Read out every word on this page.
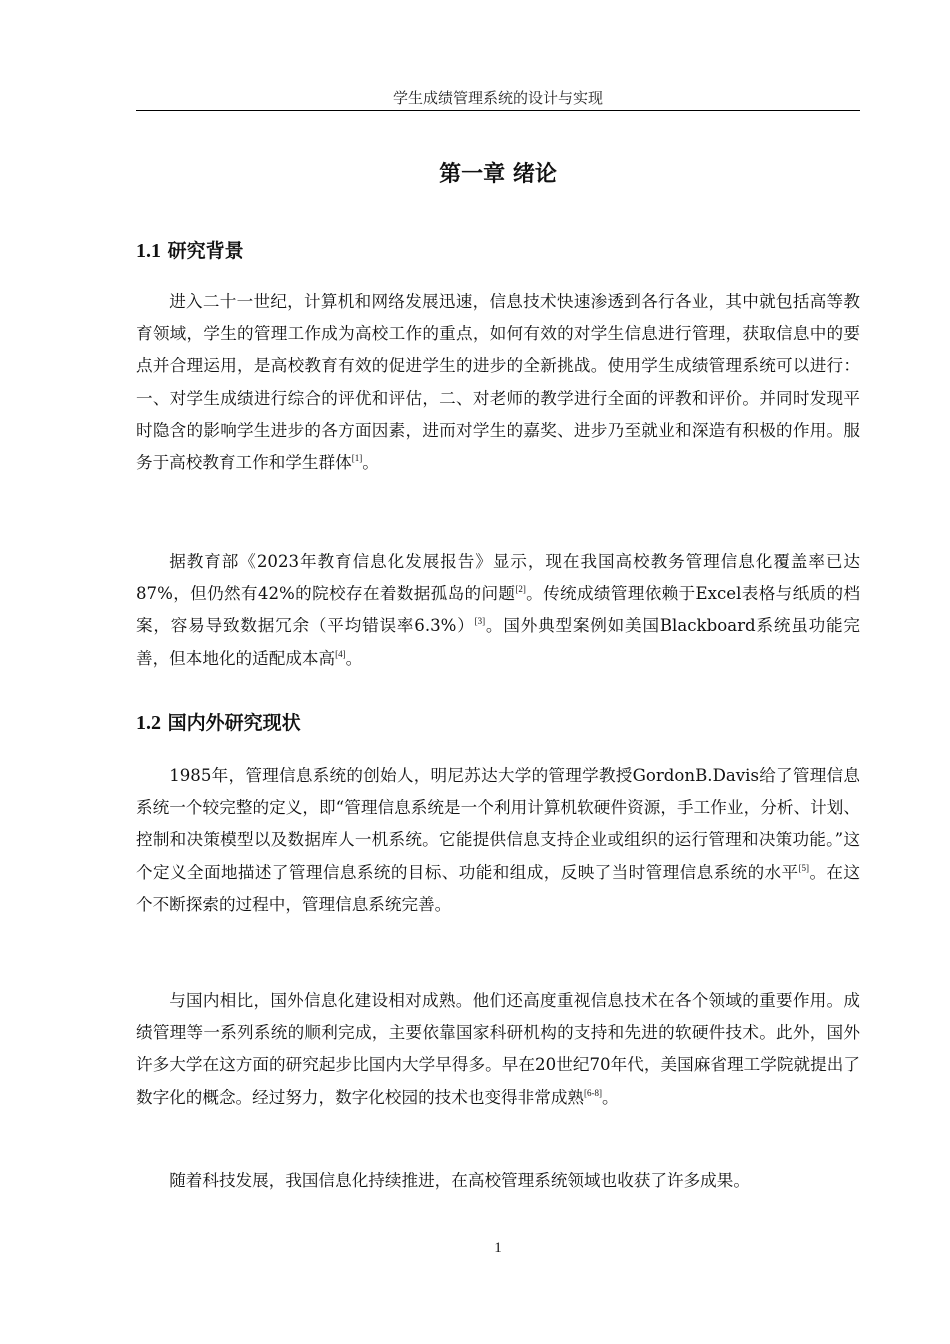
学生成绩管理系统的设计与实现
第一章 绪论
1.1 研究背景

进入二十一世纪，计算机和网络发展迅速，信息技术快速渗透到各行各业，其中就包括高等教育领域，学生的管理工作成为高校工作的重点，如何有效的对学生信息进行管理，获取信息中的要点并合理运用，是高校教育有效的促进学生的进步的全新挑战。使用学生成绩管理系统可以进行：一、对学生成绩进行综合的评优和评估，二、对老师的教学进行全面的评教和评价。并同时发现平时隐含的影响学生进步的各方面因素，进而对学生的嘉奖、进步乃至就业和深造有积极的作用。服务于高校教育工作和学生群体[1]。

据教育部《2023年教育信息化发展报告》显示，现在我国高校教务管理信息化覆盖率已达87%，但仍然有42%的院校存在着数据孤岛的问题[2]。传统成绩管理依赖于Excel表格与纸质的档案，容易导致数据冗余（平均错误率6.3%）[3]。国外典型案例如美国Blackboard系统虽功能完善，但本地化的适配成本高[4]。

1.2 国内外研究现状

1985年，管理信息系统的创始人，明尼苏达大学的管理学教授GordonB.Davis给了管理信息系统一个较完整的定义，即“管理信息系统是一个利用计算机软硬件资源，手工作业，分析、计划、控制和决策模型以及数据库人一机系统。它能提供信息支持企业或组织的运行管理和决策功能。”这个定义全面地描述了管理信息系统的目标、功能和组成，反映了当时管理信息系统的水平[5]。在这个不断探索的过程中，管理信息系统完善。

与国内相比，国外信息化建设相对成熟。他们还高度重视信息技术在各个领域的重要作用。成绩管理等一系列系统的顺利完成，主要依靠国家科研机构的支持和先进的软硬件技术。此外，国外许多大学在这方面的研究起步比国内大学早得多。早在20世纪70年代，美国麻省理工学院就提出了数字化的概念。经过努力，数字化校园的技术也变得非常成熟[6-8]。

随着科技发展，我国信息化持续推进，在高校管理系统领域也收获了许多成果。

1
